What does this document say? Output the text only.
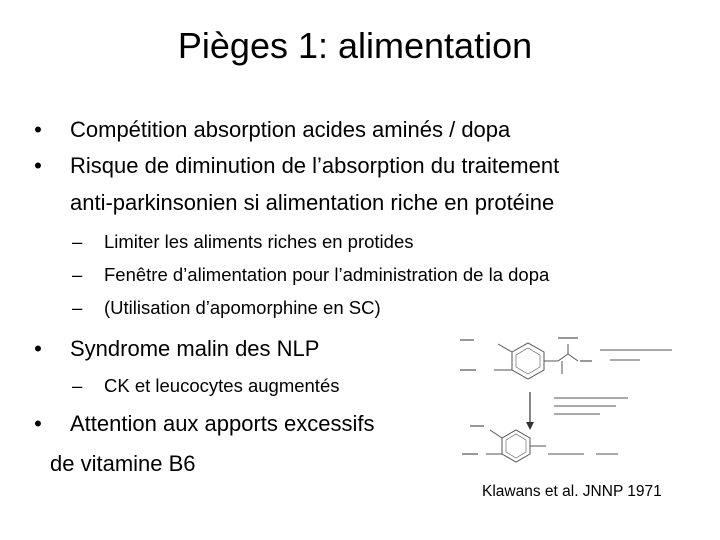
Pièges 1: alimentation
• Compétition absorption acides aminés / dopa
• Risque de diminution de l’absorption du traitement
anti-parkinsonien si alimentation riche en protéine
– Limiter les aliments riches en protides
– Fenêtre d’alimentation pour l’administration de la dopa
– (Utilisation d’apomorphine en SC)
• Syndrome malin des NLP
– CK et leucocytes augmentés
• Attention aux apports excessifs
de vitamine B6
Klawans et al. JNNP 1971
